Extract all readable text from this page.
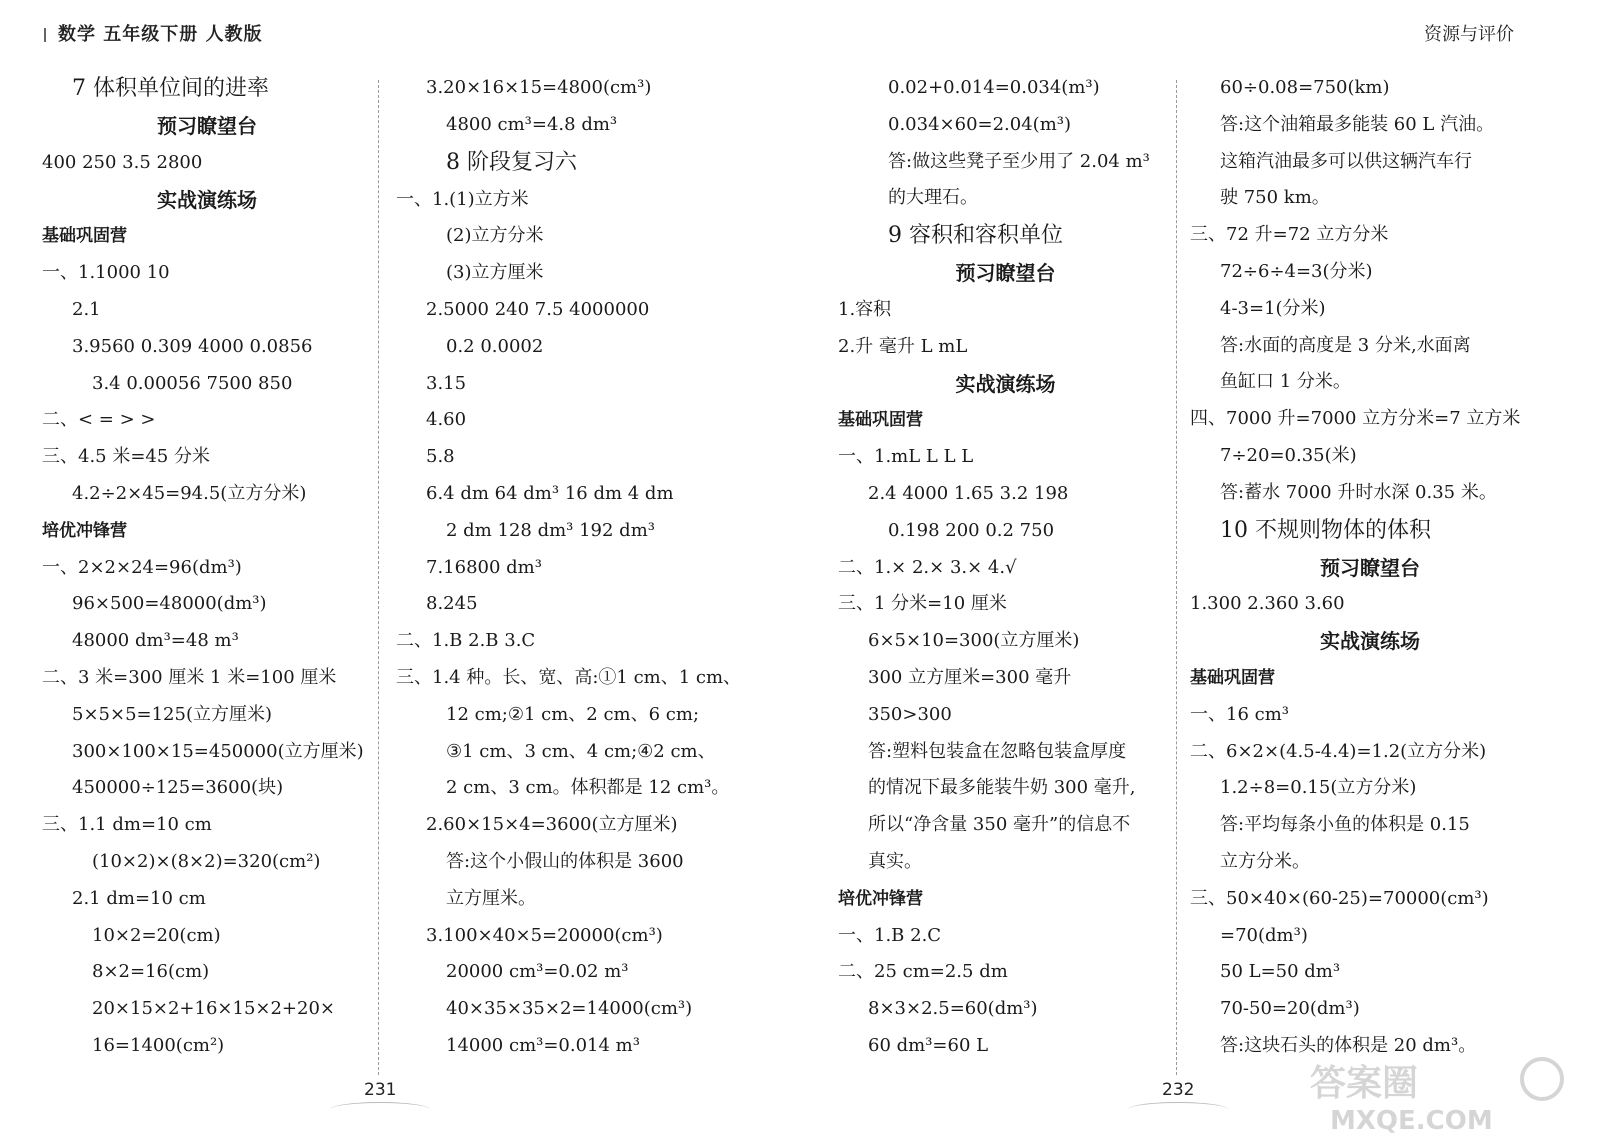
数学 五年级下册 人教版	资源与评价
7 体积单位间的进率
预习瞭望台
400 250 3.5 2800
实战演练场
基础巩固营
一、1.1000 10
2.1
3.9560 0.309 4000 0.0856
3.4 0.00056 7500 850
二、< = > >
三、4.5 米=45 分米
4.2÷2×45=94.5(立方分米)
培优冲锋营
一、2×2×24=96(dm³)
96×500=48000(dm³)
48000 dm³=48 m³
二、3 米=300 厘米 1 米=100 厘米
5×5×5=125(立方厘米)
300×100×15=450000(立方厘米)
450000÷125=3600(块)
三、1.1 dm=10 cm
(10×2)×(8×2)=320(cm²)
2.1 dm=10 cm
10×2=20(cm)
8×2=16(cm)
20×15×2+16×15×2+20×
16=1400(cm²)
3.20×16×15=4800(cm³)
4800 cm³=4.8 dm³
8 阶段复习六
一、1.(1)立方米
(2)立方分米
(3)立方厘米
2.5000 240 7.5 4000000
0.2 0.0002
3.15
4.60
5.8
6.4 dm 64 dm³ 16 dm 4 dm
2 dm 128 dm³ 192 dm³
7.16800 dm³
8.245
二、1.B 2.B 3.C
三、1.4 种。长、宽、高:①1 cm、1 cm、
12 cm;②1 cm、2 cm、6 cm;
③1 cm、3 cm、4 cm;④2 cm、
2 cm、3 cm。体积都是 12 cm³。
2.60×15×4=3600(立方厘米)
答:这个小假山的体积是 3600
立方厘米。
3.100×40×5=20000(cm³)
20000 cm³=0.02 m³
40×35×35×2=14000(cm³)
14000 cm³=0.014 m³
0.02+0.014=0.034(m³)
0.034×60=2.04(m³)
答:做这些凳子至少用了 2.04 m³
的大理石。
9 容积和容积单位
预习瞭望台
1.容积
2.升 毫升 L mL
实战演练场
基础巩固营
一、1.mL L L L
2.4 4000 1.65 3.2 198
0.198 200 0.2 750
二、1.× 2.× 3.× 4.√
三、1 分米=10 厘米
6×5×10=300(立方厘米)
300 立方厘米=300 毫升
350>300
答:塑料包装盒在忽略包装盒厚度
的情况下最多能装牛奶 300 毫升,
所以“净含量 350 毫升”的信息不
真实。
培优冲锋营
一、1.B 2.C
二、25 cm=2.5 dm
8×3×2.5=60(dm³)
60 dm³=60 L
60÷0.08=750(km)
答:这个油箱最多能装 60 L 汽油。
这箱汽油最多可以供这辆汽车行
驶 750 km。
三、72 升=72 立方分米
72÷6÷4=3(分米)
4-3=1(分米)
答:水面的高度是 3 分米,水面离
鱼缸口 1 分米。
四、7000 升=7000 立方分米=7 立方米
7÷20=0.35(米)
答:蓄水 7000 升时水深 0.35 米。
10 不规则物体的体积
预习瞭望台
1.300 2.360 3.60
实战演练场
基础巩固营
一、16 cm³
二、6×2×(4.5-4.4)=1.2(立方分米)
1.2÷8=0.15(立方分米)
答:平均每条小鱼的体积是 0.15
立方分米。
三、50×40×(60-25)=70000(cm³)
=70(dm³)
50 L=50 dm³
70-50=20(dm³)
答:这块石头的体积是 20 dm³。
231	232	答案圈
MXQE.COM
